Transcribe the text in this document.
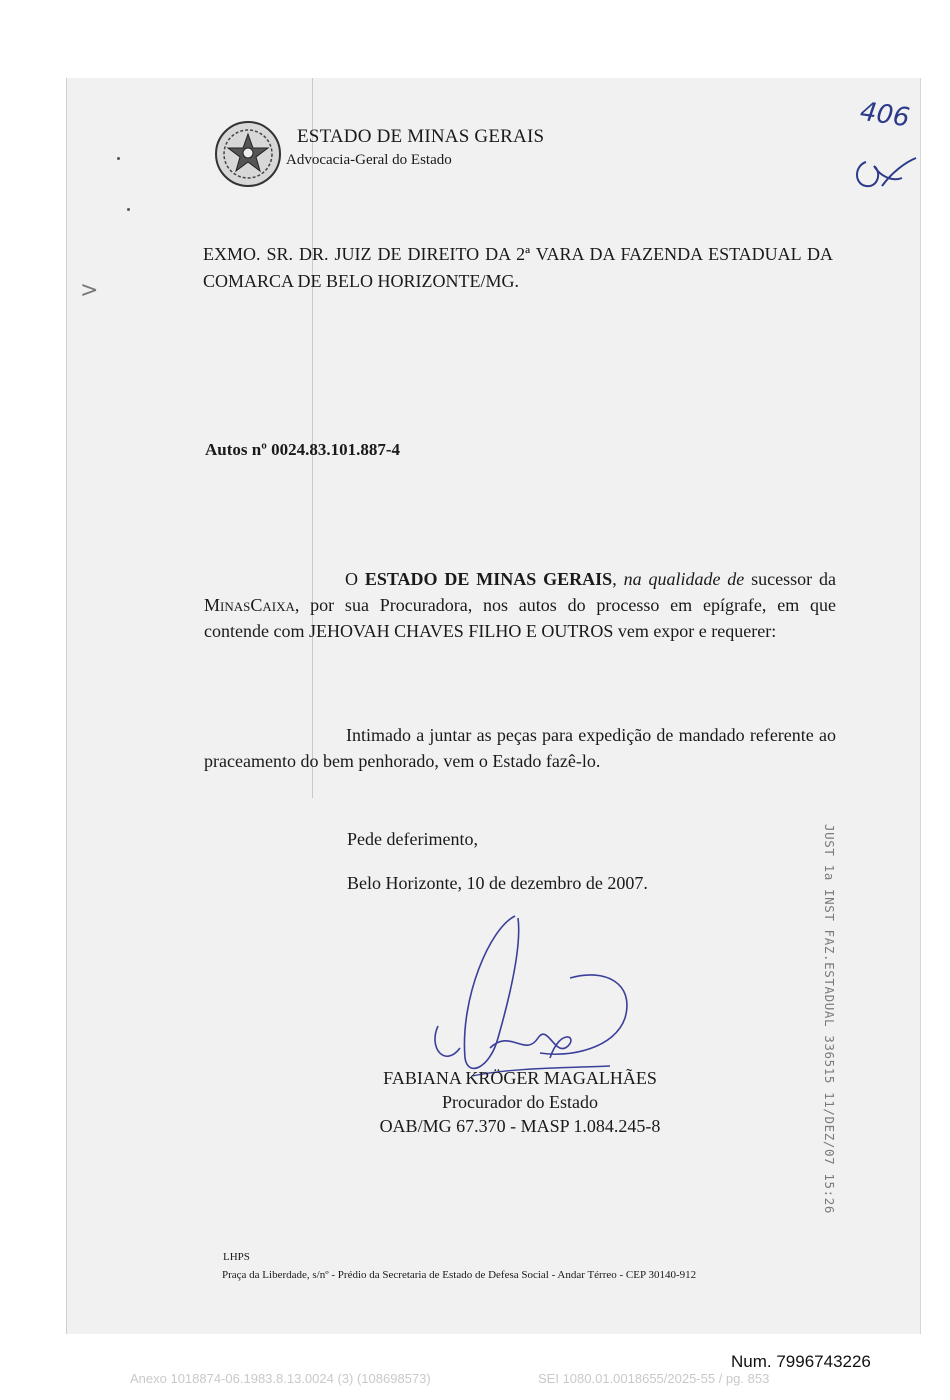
>
406
ESTADO DE MINAS GERAIS
Advocacia-Geral do Estado
EXMO. SR. DR. JUIZ DE DIREITO DA 2ª VARA DA FAZENDA ESTADUAL DA COMARCA DE BELO HORIZONTE/MG.
Autos nº 0024.83.101.887-4
O ESTADO DE MINAS GERAIS, na qualidade de sucessor da MinasCaixa, por sua Procuradora, nos autos do processo em epígrafe, em que contende com JEHOVAH CHAVES FILHO E OUTROS vem expor e requerer:
Intimado a juntar as peças para expedição de mandado referente ao praceamento do bem penhorado, vem o Estado fazê-lo.
Pede deferimento,
Belo Horizonte, 10 de dezembro de 2007.
FABIANA KRÖGER MAGALHÃES
Procurador do Estado
OAB/MG 67.370 - MASP 1.084.245-8	JUST 1a INST FAZ.ESTADUAL 336515 11/DEZ/07 15:26
LHPS
Praça da Liberdade, s/nº - Prédio da Secretaria de Estado de Defesa Social - Andar Térreo - CEP 30140-912
Num. 7996743226
Anexo 1018874-06.1983.8.13.0024 (3) (108698573)	SEI 1080.01.0018655/2025-55 / pg. 853
